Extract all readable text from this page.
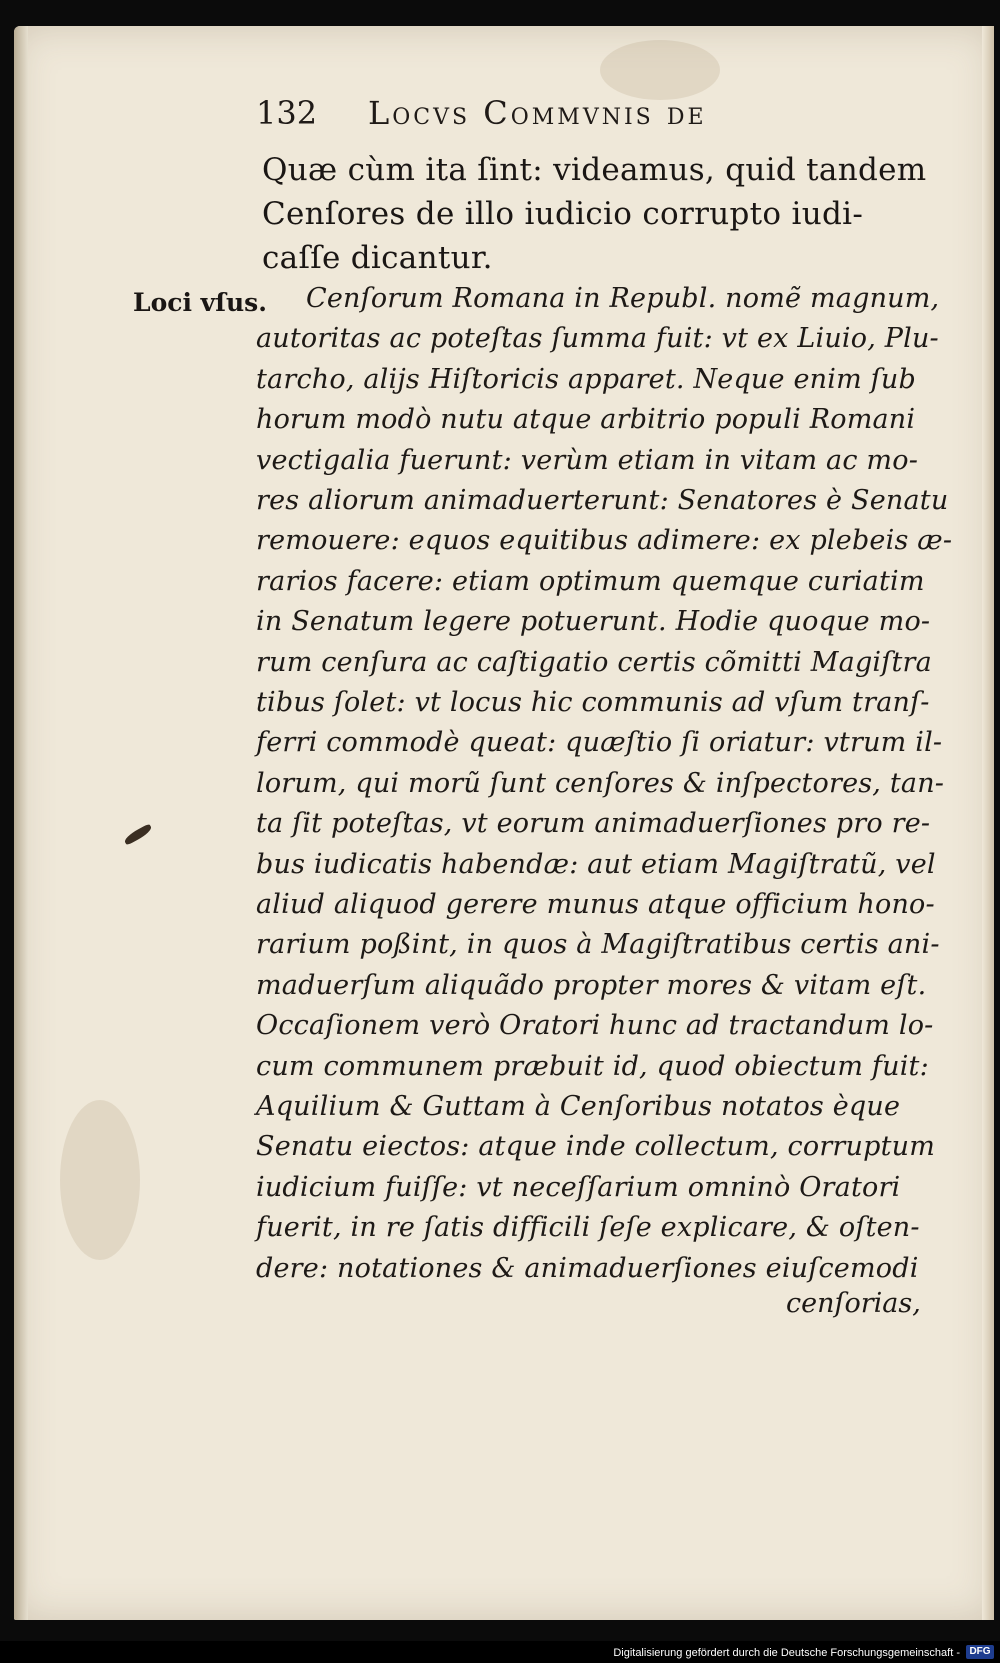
132 Locvs Commvnis de
Quæ cùm ita ſint: videamus, quid tandem
Cenſores de illo iudicio corrupto iudi-
caſſe dicantur.
Loci vſus. Cenſorum Romana in Republ. nomẽ magnum,
autoritas ac poteſtas ſumma fuit: vt ex Liuio, Plu-
tarcho, aliјs Hiſtoricis apparet. Neque enim ſub
horum modò nutu atque arbitrio populi Romani
vectigalia fuerunt: verùm etiam in vitam ac mo-
res aliorum animaduerterunt: Senatores è Senatu
remouere: equos equitibus adimere: ex plebeis æ-
rarios facere: etiam optimum quemque curiatim
in Senatum legere potuerunt. Hodie quoque mo-
rum cenſura ac caſtigatio certis cõmitti Magiſtra
tibus ſolet: vt locus hic communis ad vſum tranſ-
ferri commodè queat: quæſtio ſi oriatur: vtrum il-
lorum, qui morũ ſunt cenſores & inſpectores, tan-
ta ſit poteſtas, vt eorum animaduerſiones pro re-
bus iudicatis habendæ: aut etiam Magiſtratũ, vel
aliud aliquod gerere munus atque officium hono-
rarium poßint, in quos à Magiſtratibus certis ani-
maduerſum aliquãdo propter mores & vitam eſt.
Occaſionem verò Oratori hunc ad tractandum lo-
cum communem præbuit id, quod obiectum fuit:
Aquilium & Guttam à Cenſoribus notatos èque
Senatu eiectos: atque inde collectum, corruptum
iudicium fuiſſe: vt neceſſarium omninò Oratori
fuerit, in re ſatis difficili ſeſe explicare, & oſten-
dere: notationes & animaduerſiones eiuſcemodi
cenſorias,
Digitalisierung gefördert durch die Deutsche Forschungsgemeinschaft - DFG
